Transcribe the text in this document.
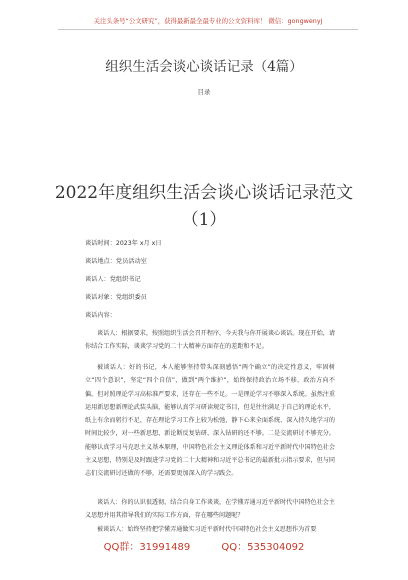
关注头条号“公文研究”，获得最新最全最专业的公文资料库！ 微信：gongwenyj
组织生活会谈心谈话记录（4篇）
目录
2022年度组织生活会谈心谈话记录范文
（1）
谈话时间：2023年 x月 x日
谈话地点：党员活动室
谈话人：党组织书记
谈话对象：党组织委员
谈话内容：
谈话人：根据要求，按照组织生活会召开程序，今天我与你开展谈心谈话。现在开始，请你结合工作实际，谈谈学习党的二十大精神方面存在的差距和不足。
被谈话人：好的书记，本人能够坚持带头深刻感悟“两个确立”的决定性意义，牢固树立“四个意识”，坚定“四个自信”，做到“两个维护”，始终保持政治立场不移、政治方向不偏。但对照理论学习高标准严要求，还存在一些不足。一是理论学习不够深入系统。虽然注重运用新思想新理论武装头脑，能够认真学习研读规定书目，但是往往满足于自己的理论水平，纸上有余而躬行不足，存在理论学习工作上较为松弛，静下心来全面系统、深入持久地学习的时间比较少，对一些新思想、新论断反复钻研、深入钻研的还不够。二是交流研讨不够充分。能够认真学习马克思主义基本原理，中国特色社会主义理论体系和习近平新时代中国特色社会主义思想，特别是及时跟进学习党的二十大精神和习近平总书记的最新批示指示要求，但与同志们交流研讨还做的不够，还需要更加深入的学习践会。
谈话人：你的认识很透彻，结合自身工作谈谈，在学懂弄通习近平新时代中国特色社会主义思想并用其指导我们的实际工作方面，存在哪些问题呢？
被谈话人：始终坚持把学懂弄通做实习近平新时代中国特色社会主义思想作为首要
QQ群：31991489	QQ：535304092
